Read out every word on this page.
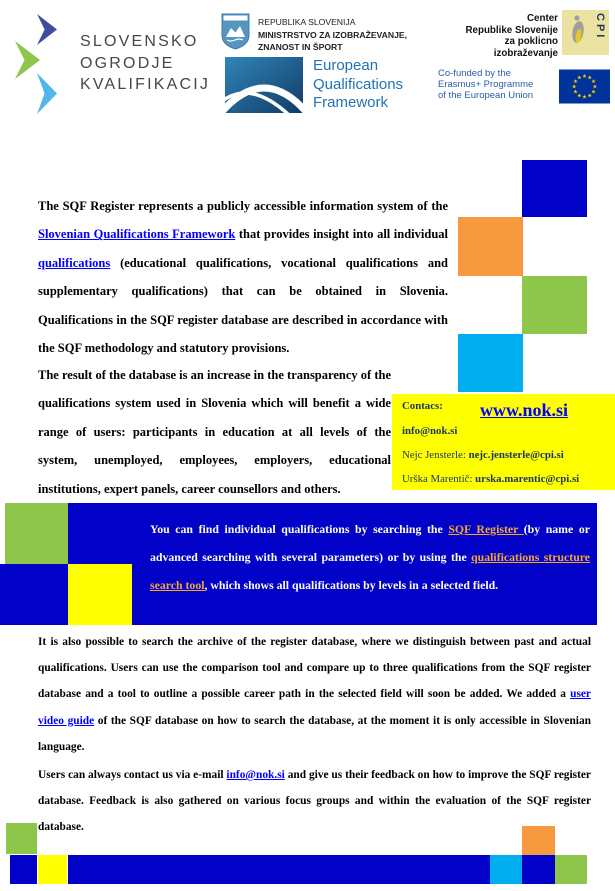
SLOVENSKO
OGRODJE
KVALIFIKACIJ
REPUBLIKA SLOVENIJA
MINISTRSTVO ZA IZOBRAŽEVANJE,
ZNANOST IN ŠPORT
European
Qualifications
Framework
Center
Republike Slovenije
za poklicno
izobraževanje
CPI
Co-funded by the
Erasmus+ Programme
of the European Union

The SQF Register represents a publicly accessible information system of the Slovenian Qualifications Framework that provides insight into all individual qualifications (educational qualifications, vocational qualifications and supplementary qualifications) that can be obtained in Slovenia. Qualifications in the SQF register database are described in accordance with the SQF methodology and statutory provisions.

The result of the database is an increase in the transparency of the qualifications system used in Slovenia which will benefit a wide range of users: participants in education at all levels of the system, unemployed, employees, employers, educational institutions, expert panels, career counsellors and others.

Contacs: www.nok.si
info@nok.si
Nejc Jensterle: nejc.jensterle@cpi.si
Urška Marentič: urska.marentic@cpi.si

You can find individual qualifications by searching the SQF Register (by name or advanced searching with several parameters) or by using the qualifications structure search tool, which shows all qualifications by levels in a selected field.

It is also possible to search the archive of the register database, where we distinguish between past and actual qualifications. Users can use the comparison tool and compare up to three qualifications from the SQF register database and a tool to outline a possible career path in the selected field will soon be added. We added a user video guide of the SQF database on how to search the database, at the moment it is only accessible in Slovenian language.

Users can always contact us via e-mail info@nok.si and give us their feedback on how to improve the SQF register database. Feedback is also gathered on various focus groups and within the evaluation of the SQF register database.
